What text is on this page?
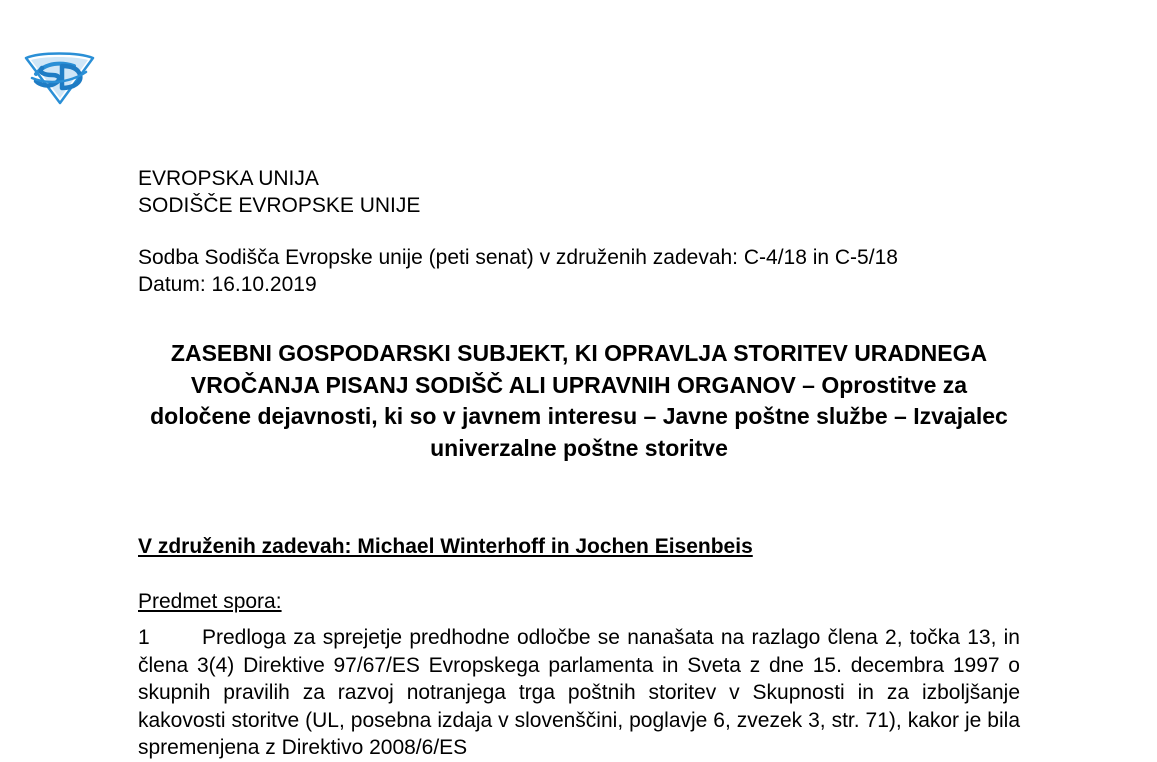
EVROPSKA UNIJA
SODIŠČE EVROPSKE UNIJE
Sodba Sodišča Evropske unije (peti senat) v združenih zadevah: C-4/18 in C-5/18
Datum: 16.10.2019
ZASEBNI GOSPODARSKI SUBJEKT, KI OPRAVLJA STORITEV URADNEGA VROČANJA PISANJ SODIŠČ ALI UPRAVNIH ORGANOV – Oprostitve za določene dejavnosti, ki so v javnem interesu – Javne poštne službe – Izvajalec univerzalne poštne storitve
V združenih zadevah: Michael Winterhoff in Jochen Eisenbeis
Predmet spora:
1 Predloga za sprejetje predhodne odločbe se nanašata na razlago člena 2, točka 13, in člena 3(4) Direktive 97/67/ES Evropskega parlamenta in Sveta z dne 15. decembra 1997 o skupnih pravilih za razvoj notranjega trga poštnih storitev v Skupnosti in za izboljšanje kakovosti storitve (UL, posebna izdaja v slovenščini, poglavje 6, zvezek 3, str. 71), kakor je bila spremenjena z Direktivo 2008/6/ES
